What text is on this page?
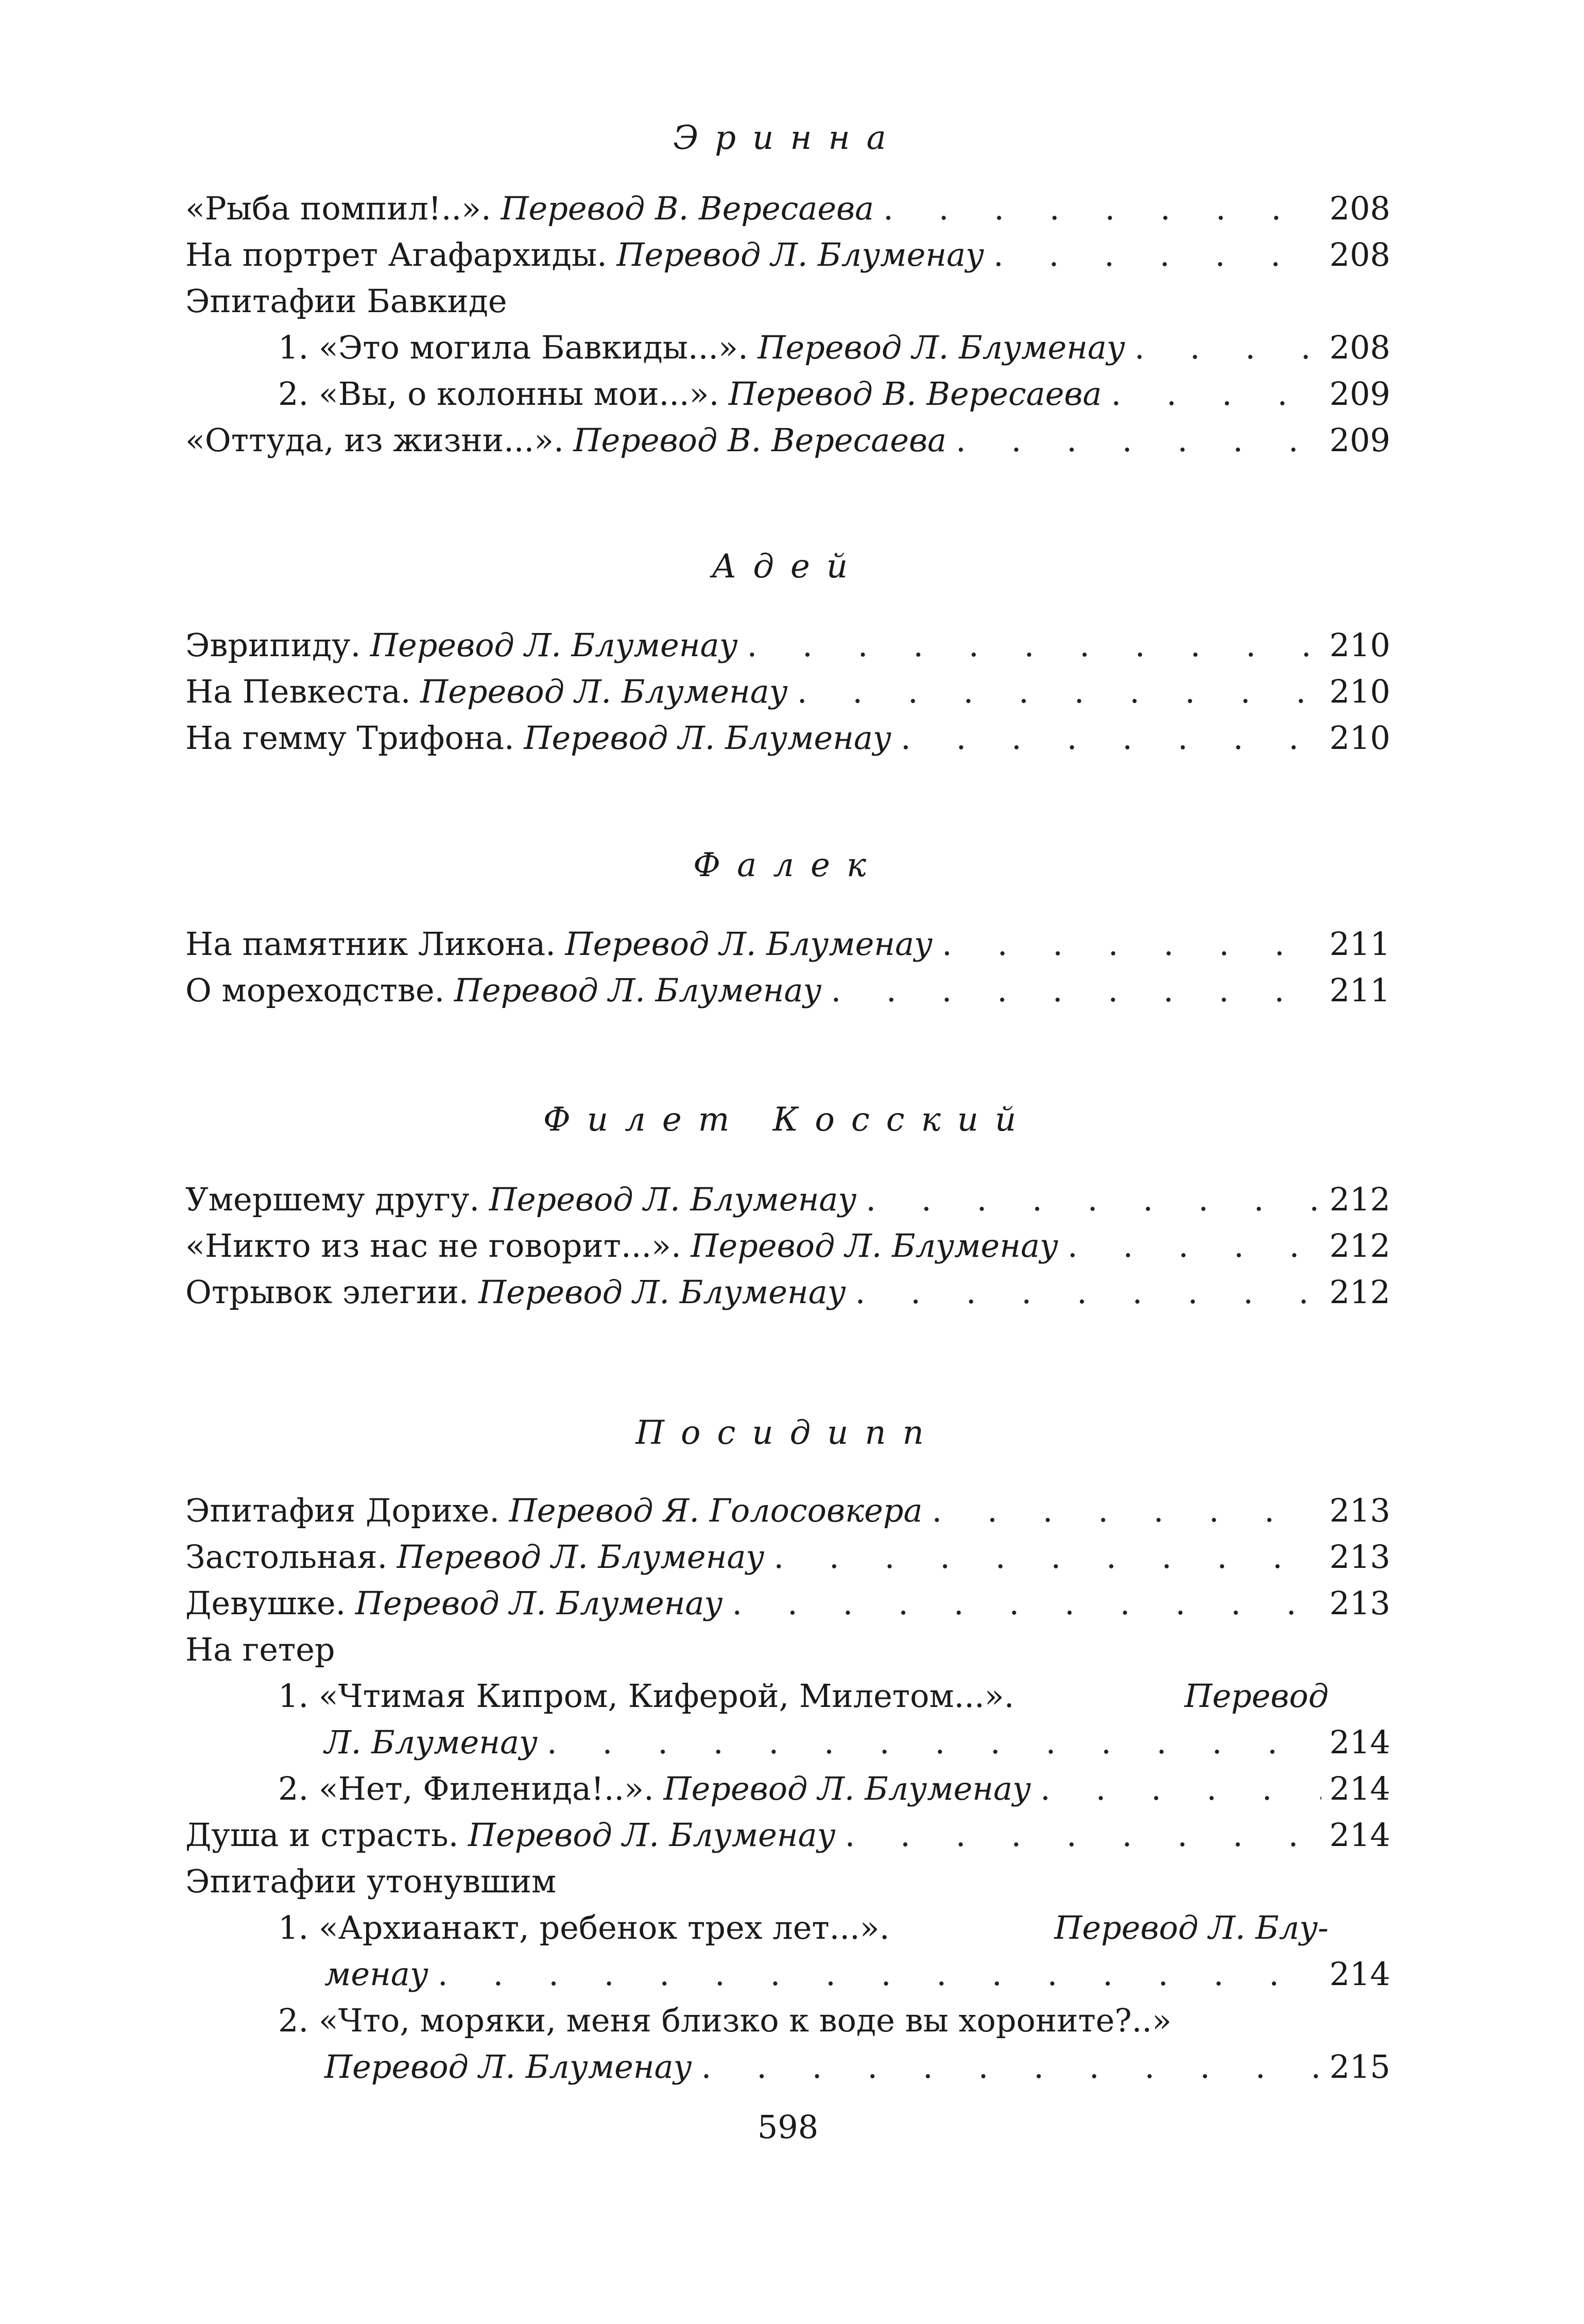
Эринна
«Рыба помпил!..». Перевод В. Вересаева . . .	208
На портрет Агафархиды. Перевод Л. Блуменау . . .	208
Эпитафии Бавкиде
1. «Это могила Бавкиды...». Перевод Л. Блуменау . . .	208
2. «Вы, о колонны мои...». Перевод В. Вересаева . . .	209
«Оттуда, из жизни...». Перевод В. Вересаева . . .	209
Адей
Эврипиду. Перевод Л. Блуменау . . .	210
На Певкеста. Перевод Л. Блуменау . . .	210
На гемму Трифона. Перевод Л. Блуменау . . .	210
Фалек
На памятник Ликона. Перевод Л. Блуменау . . .	211
О мореходстве. Перевод Л. Блуменау . . .	211
Филет Косский
Умершему другу. Перевод Л. Блуменау . . .	212
«Никто из нас не говорит...». Перевод Л. Блуменау . . .	212
Отрывок элегии. Перевод Л. Блуменау . . .	212
Посидипп
Эпитафия Дорихе. Перевод Я. Голосовкера . . .	213
Застольная. Перевод Л. Блуменау . . .	213
Девушке. Перевод Л. Блуменау . . .	213
На гетер
1. «Чтимая Кипром, Киферой, Милетом...».	Перевод
Л. Блуменау . . .	214
2. «Нет, Филенида!..». Перевод Л. Блуменау . . .	214
Душа и страсть. Перевод Л. Блуменау . . .	214
Эпитафии утонувшим
1. «Архианакт, ребенок трех лет...».	Перевод Л. Блу-
менау . . .	214
2. «Что, моряки, меня близко к воде вы хороните?..»
Перевод Л. Блуменау . . .	215
598
